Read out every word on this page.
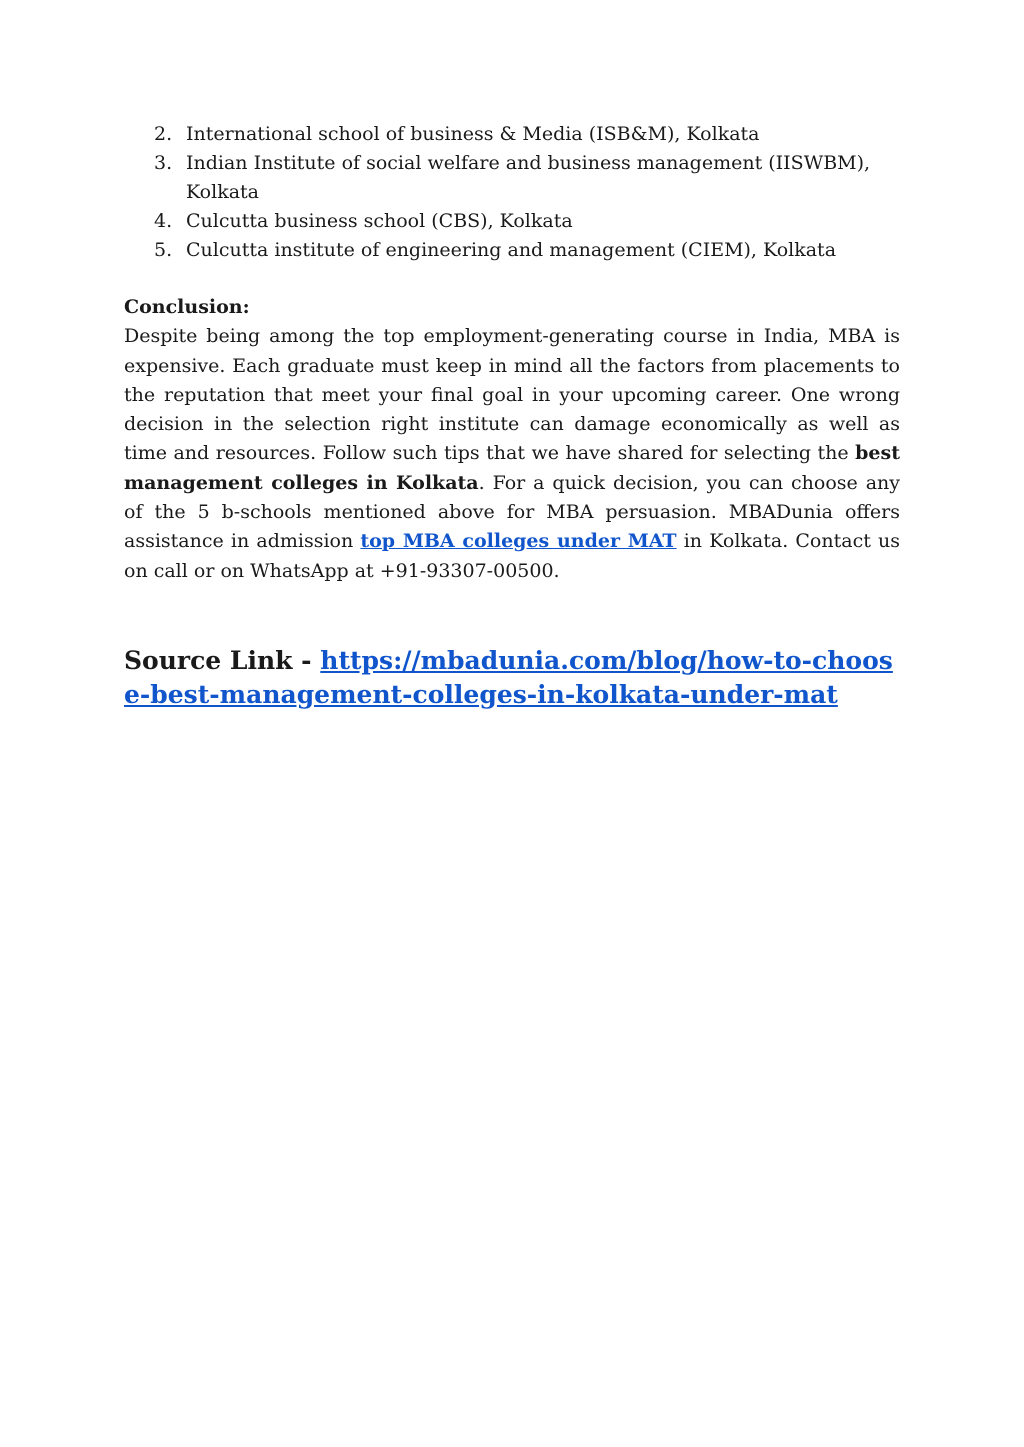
2. International school of business & Media (ISB&M), Kolkata
3. Indian Institute of social welfare and business management (IISWBM), Kolkata
4. Culcutta business school (CBS), Kolkata
5. Culcutta institute of engineering and management (CIEM), Kolkata
Conclusion:
Despite being among the top employment-generating course in India, MBA is expensive. Each graduate must keep in mind all the factors from placements to the reputation that meet your final goal in your upcoming career. One wrong decision in the selection right institute can damage economically as well as time and resources. Follow such tips that we have shared for selecting the best management colleges in Kolkata. For a quick decision, you can choose any of the 5 b-schools mentioned above for MBA persuasion. MBADunia offers assistance in admission top MBA colleges under MAT in Kolkata. Contact us on call or on WhatsApp at +91-93307-00500.
Source Link - https://mbadunia.com/blog/how-to-choose-best-management-colleges-in-kolkata-under-mat
